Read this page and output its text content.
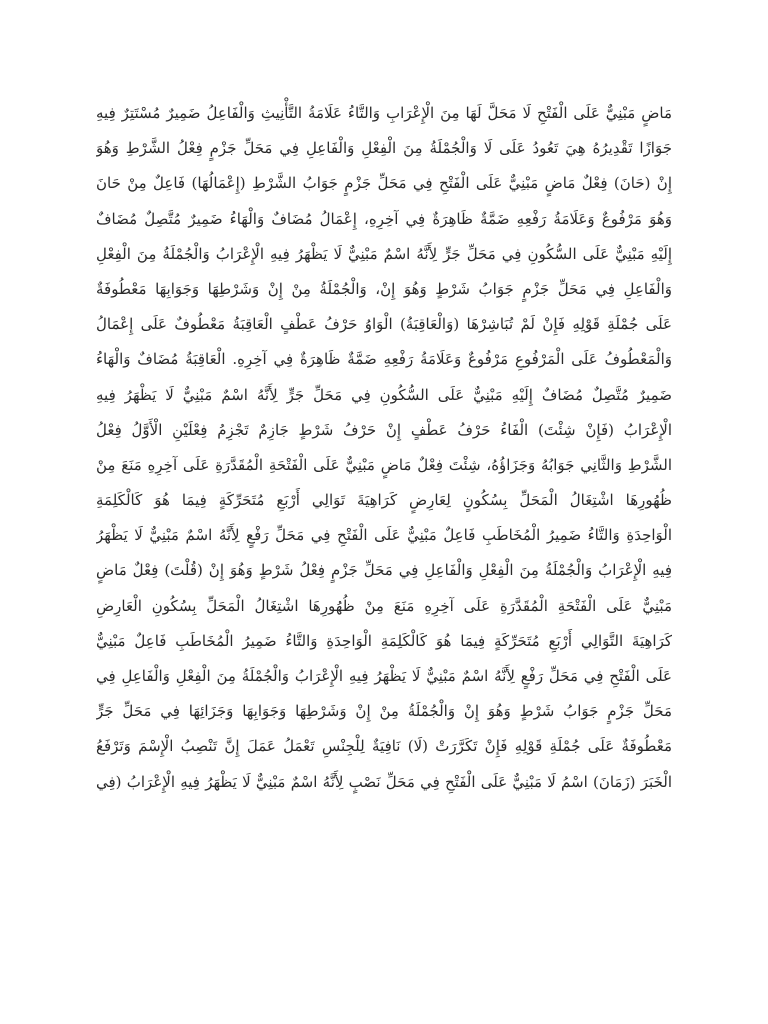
مَاضٍ مَبْنِيٌّ عَلَى الْفَتْحِ لَا مَحَلَّ لَهَا مِنَ الْإِعْرَابِ وَالتَّاءُ عَلَامَةُ التَّأْنِيثِ وَالْفَاعِلُ ضَمِيرٌ مُسْتَتِرٌ فِيهِ
جَوَازًا تَقْدِيرُهُ هِيَ تَعُودُ عَلَى لَا وَالْجُمْلَةُ مِنَ الْفِعْلِ وَالْفَاعِلِ فِي مَحَلِّ جَزْمٍ فِعْلُ الشَّرْطِ وَهُوَ
إِنْ (حَانَ) فِعْلٌ مَاضٍ مَبْنِيٌّ عَلَى الْفَتْحِ فِي مَحَلِّ جَزْمٍ جَوَابُ الشَّرْطِ (إِعْمَالُهَا) فَاعِلٌ مِنْ حَانَ
وَهُوَ مَرْفُوعٌ وَعَلَامَةُ رَفْعِهِ ضَمَّةٌ ظَاهِرَةٌ فِي آخِرِهِ، إِعْمَالُ مُضَافٌ وَالْهَاءُ ضَمِيرٌ مُتَّصِلٌ مُضَافٌ
إِلَيْهِ مَبْنِيٌّ عَلَى السُّكُونِ فِي مَحَلِّ جَرٍّ لِأَنَّهُ اسْمٌ مَبْنِيٌّ لَا يَظْهَرُ فِيهِ الْإِعْرَابُ وَالْجُمْلَةُ مِنَ الْفِعْلِ
وَالْفَاعِلِ فِي مَحَلِّ جَزْمٍ جَوَابُ شَرْطٍ وَهُوَ إِنْ، وَالْجُمْلَةُ مِنْ إِنْ وَشَرْطِهَا وَجَوَابِهَا مَعْطُوفَةٌ
عَلَى جُمْلَةِ قَوْلِهِ فَإِنْ لَمْ تُبَاشِرْهَا (وَالْعَاقِبَةُ) الْوَاوُ حَرْفُ عَطْفٍ الْعَاقِبَةُ مَعْطُوفٌ عَلَى إِعْمَالُ
وَالْمَعْطُوفُ عَلَى الْمَرْفُوعِ مَرْفُوعٌ وَعَلَامَةُ رَفْعِهِ ضَمَّةٌ ظَاهِرَةٌ فِي آخِرِهِ. الْعَاقِبَةُ مُضَافٌ وَالْهَاءُ
ضَمِيرٌ مُتَّصِلٌ مُضَافٌ إِلَيْهِ مَبْنِيٌّ عَلَى السُّكُونِ فِي مَحَلِّ جَرٍّ لِأَنَّهُ اسْمٌ مَبْنِيٌّ لَا يَظْهَرُ فِيهِ
الْإِعْرَابُ (فَإِنْ شِئْتَ) الْفَاءُ حَرْفُ عَطْفٍ إِنْ حَرْفُ شَرْطٍ جَازِمٌ تَجْزِمُ فِعْلَيْنِ الْأَوَّلُ فِعْلُ
الشَّرْطِ وَالثَّانِي جَوَابُهُ وَجَزَاؤُهُ، شِئْتَ فِعْلٌ مَاضٍ مَبْنِيٌّ عَلَى الْفَتْحَةِ الْمُقَدَّرَةِ عَلَى آخِرِهِ مَنَعَ مِنْ
ظُهُورِهَا اشْتِغَالُ الْمَحَلِّ بِسُكُونٍ لِعَارِضٍ كَرَاهِيَةَ تَوَالِي أَرْبَعِ مُتَحَرِّكَةٍ فِيمَا هُوَ كَالْكَلِمَةِ
الْوَاحِدَةِ وَالتَّاءُ ضَمِيرُ الْمُخَاطَبِ فَاعِلٌ مَبْنِيٌّ عَلَى الْفَتْحِ فِي مَحَلِّ رَفْعٍ لِأَنَّهُ اسْمٌ مَبْنِيٌّ لَا يَظْهَرُ
فِيهِ الْإِعْرَابُ وَالْجُمْلَةُ مِنَ الْفِعْلِ وَالْفَاعِلِ فِي مَحَلِّ جَزْمٍ فِعْلُ شَرْطٍ وَهُوَ إِنْ (قُلْتَ) فِعْلٌ مَاضٍ
مَبْنِيٌّ عَلَى الْفَتْحَةِ الْمُقَدَّرَةِ عَلَى آخِرِهِ مَنَعَ مِنْ ظُهُورِهَا اشْتِغَالُ الْمَحَلِّ بِسُكُونِ الْعَارِضِ
كَرَاهِيَةَ التَّوَالِي أَرْبَعِ مُتَحَرِّكَةٍ فِيمَا هُوَ كَالْكَلِمَةِ الْوَاحِدَةِ وَالتَّاءُ ضَمِيرُ الْمُخَاطَبِ فَاعِلٌ مَبْنِيٌّ
عَلَى الْفَتْحِ فِي مَحَلِّ رَفْعٍ لِأَنَّهُ اسْمٌ مَبْنِيٌّ لَا يَظْهَرُ فِيهِ الْإِعْرَابُ وَالْجُمْلَةُ مِنَ الْفِعْلِ وَالْفَاعِلِ فِي
مَحَلِّ جَزْمٍ جَوَابُ شَرْطٍ وَهُوَ إِنْ وَالْجُمْلَةُ مِنْ إِنْ وَشَرْطِهَا وَجَوَابِهَا وَجَزَائِهَا فِي مَحَلِّ جَرٍّ
مَعْطُوفَةٌ عَلَى جُمْلَةِ قَوْلِهِ فَإِنْ تَكَرَّرَتْ (لَا) نَافِيَةٌ لِلْجِنْسِ تَعْمَلُ عَمَلَ إِنَّ تَنْصِبُ الْإِسْمَ وَتَرْفَعُ
الْخَبَرَ (زَمَانَ) اسْمُ لَا مَبْنِيٌّ عَلَى الْفَتْحِ فِي مَحَلِّ نَصْبٍ لِأَنَّهُ اسْمٌ مَبْنِيٌّ لَا يَظْهَرُ فِيهِ الْإِعْرَابُ (فِي
